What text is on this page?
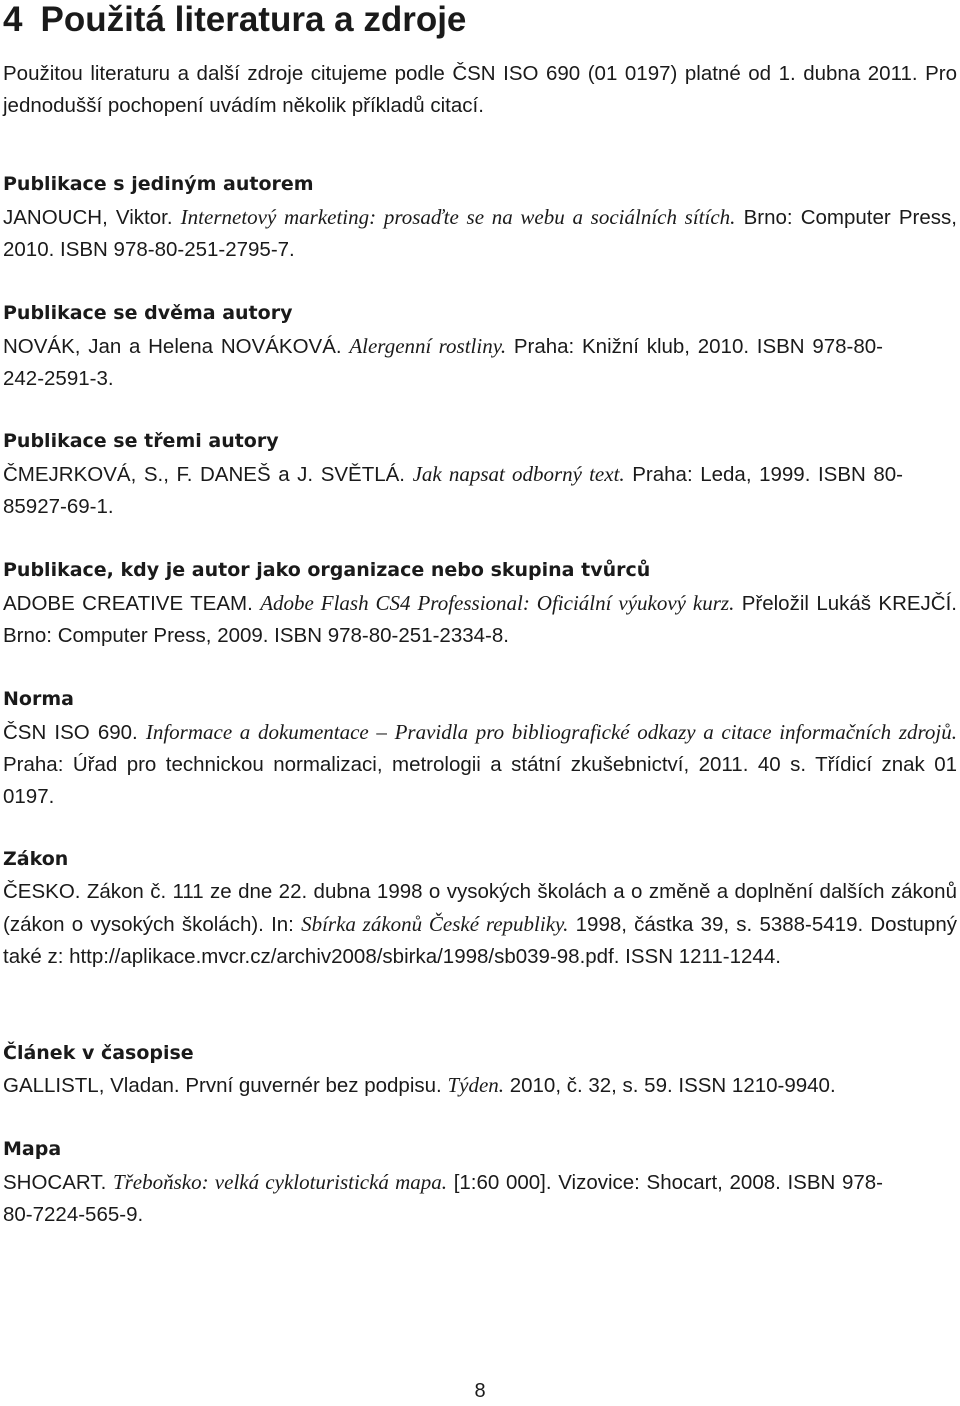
4 Použitá literatura a zdroje
Použitou literaturu a další zdroje citujeme podle ČSN ISO 690 (01 0197) platné od 1. dubna 2011. Pro jednodušší pochopení uvádím několik příkladů citací.
Publikace s jediným autorem
JANOUCH, Viktor. Internetový marketing: prosaďte se na webu a sociálních sítích. Brno: Computer Press, 2010. ISBN 978-80-251-2795-7.
Publikace se dvěma autory
NOVÁK, Jan a Helena NOVÁKOVÁ. Alergenní rostliny. Praha: Knižní klub, 2010. ISBN 978-80-242-2591-3.
Publikace se třemi autory
ČMEJRKOVÁ, S., F. DANEŠ a J. SVĚTLÁ. Jak napsat odborný text. Praha: Leda, 1999. ISBN 80-85927-69-1.
Publikace, kdy je autor jako organizace nebo skupina tvůrců
ADOBE CREATIVE TEAM. Adobe Flash CS4 Professional: Oficiální výukový kurz. Přeložil Lukáš KREJČÍ. Brno: Computer Press, 2009. ISBN 978-80-251-2334-8.
Norma
ČSN ISO 690. Informace a dokumentace – Pravidla pro bibliografické odkazy a citace informačních zdrojů. Praha: Úřad pro technickou normalizaci, metrologii a státní zkušebnictví, 2011. 40 s. Třídicí znak 01 0197.
Zákon
ČESKO. Zákon č. 111 ze dne 22. dubna 1998 o vysokých školách a o změně a doplnění dalších zákonů (zákon o vysokých školách). In: Sbírka zákonů České republiky. 1998, částka 39, s. 5388-5419. Dostupný také z: http://aplikace.mvcr.cz/archiv2008/sbirka/1998/sb039-98.pdf. ISSN 1211-1244.
Článek v časopise
GALLISTL, Vladan. První guvernér bez podpisu. Týden. 2010, č. 32, s. 59. ISSN 1210-9940.
Mapa
SHOCART. Třeboňsko: velká cykloturistická mapa. [1:60 000]. Vizovice: Shocart, 2008. ISBN 978-80-7224-565-9.
8
